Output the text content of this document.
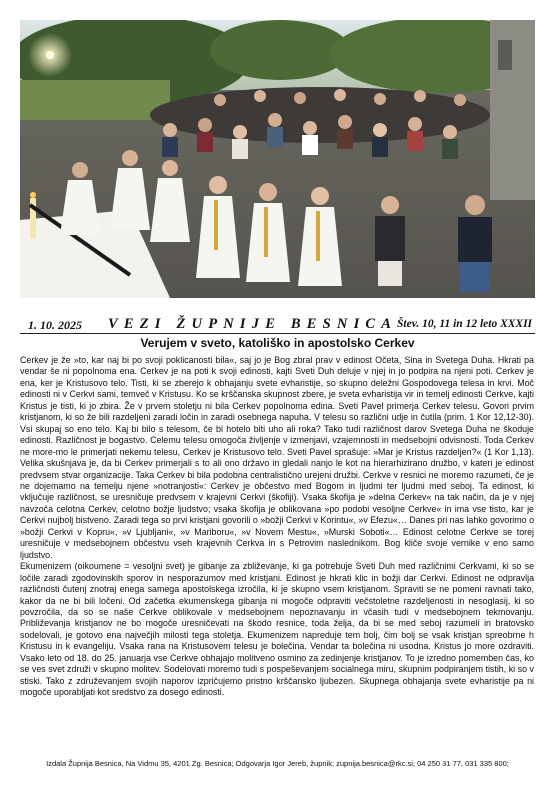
1. 10. 2025 VEZI ŽUPNIJE BESNICA Štev. 10, 11 in 12 leto XXXII
Verujem v sveto, katoliško in apostolsko Cerkev

Cerkev je že »to, kar naj bi po svoji poklicanosti bila«, saj jo je Bog zbral prav v edinost Očeta, Sina in Svetega Duha. Hkrati pa vendar še ni popolnoma ena. Cerkev je na poti k svoji edinosti, kajti Sveti Duh deluje v njej in jo podpira na njeni poti. Cerkev je ena, ker je Kristusovo telo. Tisti, ki se zberejo k obhajanju svete evharistije, so skupno deležni Gospodovega telesa in krvi. Moč edinosti ni v Cerkvi sami, temveč v Kristusu. Ko se krščanska skupnost zbere, je sveta evharistija vir in temelj edinosti Cerkve, kajti Kristus je tisti, ki jo zbira. Že v prvem stoletju ni bila Cerkev popolnoma edina. Sveti Pavel primerja Cerkev telesu. Govori prvim kristjanom, ki so že bili razdeljeni zaradi ločin in zaradi osebnega napuha. V telesu so različni udje in čutila (prim. 1 Kor 12,12-30). Vsi skupaj so eno telo. Kaj bi bilo s telesom, če bi hotelo biti uho ali roka? Tako tudi različnost darov Svetega Duha ne škoduje edinosti. Različnost je bogastvo. Celemu telesu omogoča življenje v izmenjavi, vzajemnosti in medsebojni odvisnosti. Toda Cerkev ne more-mo le primerjati nekemu telesu, Cerkev je Kristusovo telo. Sveti Pavel sprašuje: »Mar je Kristus razdeljen?« (1 Kor 1,13). Velika skušnjava je, da bi Cerkev primerjali s to ali ono državo in gledali nanjo le kot na hierarhizirano družbo, v kateri je edinost predvsem stvar organizacije. Taka Cerkev bi bila podobna centralistično urejeni družbi. Cerkve v resnici ne moremo razumeti, če je ne dojemamo na temelju njene »notranjosti«: Cerkev je občestvo med Bogom in ljudmi ter ljudmi med seboj. Ta edinost, ki vključuje različnost, se uresničuje predvsem v krajevni Cerkvi (škofiji). Vsaka škofija je »delna Cerkev« na tak način, da je v njej navzoča celotna Cerkev, celotno božje ljudstvo; vsaka škofija je oblikovana »po podobi vesoljne Cerkve« in ima vse tisto, kar je Cerkvi nujbolj bistveno. Zaradi tega so prvi kristjani govorili o »božji Cerkvi v Korintu«, »v Efezu«… Danes pri nas lahko govorimo o »božji Cerkvi v Kopru«, »v Ljubljani«, »v Mariboru«, »v Novem Mestu«, »Murski Soboti«… Edinost celotne Cerkve se torej uresničuje v medsebojnem občestvu vseh krajevnih Cerkva in s Petrovim naslednikom. Bog kliče svoje vernike v eno samo ljudstvo.

Ekumenizem (oikoumene = vesoljni svet) je gibanje za zbliževanje, ki ga potrebuje Sveti Duh med različnimi Cerkvami, ki so se ločile zaradi zgodovinskih sporov in nesporazumov med kristjani. Edinost je hkrati klic in božji dar Cerkvi. Edinost ne odpravlja različnosti čutenj znotraj enega samega apostolskega izročila, ki je skupno vsem kristjanom. Spraviti se ne pomeni ravnati tako, kakor da ne bi bili ločeni. Od začetka ekumenskega gibanja ni mogoče odpraviti večstoletne razdeljenosti in nesoglasij, ki so povzročila, da so se naše Cerkve oblikovale v medsebojnem nepoznavanju in včasih tudi v medsebojnem tekmovanju. Približevanja kristjanov ne bo mogoče uresničevati na škodo resnice, toda želja, da bi se med seboj razumeli in bratovsko sodelovali, je gotovo ena največjih milosti tega stoletja. Ekumenizem napreduje tem bolj, čim bolj se vsak kristjan spreobrne h Kristusu in k evangeliju. Vsaka rana na Kristusovem telesu je bolečina. Vendar ta bolečina ni usodna. Kristus jo more ozdraviti. Vsako leto od 18. do 25. januarja vse Cerkve obhajajo molitveno osmino za zedinjenje kristjanov. To je izredno pomemben čas, ko se ves svet združi v skupno molitev. Sodelovati moremo tudi s pospeševanjem socialnega miru, skupnim podpiranjem tistih, ki so v stiski. Tako z združevanjem svojih naporov izpričujemo pristno krščansko ljubezen. Skupnega obhajanja svete evharistije pa ni mogoče uporabljati kot sredstvo za dosego edinosti.

Izdala Župnija Besnica, Na Vidmu 35, 4201 Zg. Besnica; Odgovarja Igor Jereb, župnik; zupnija.besnica@rkc.si; 04 250 31 77, 031 335 800;
